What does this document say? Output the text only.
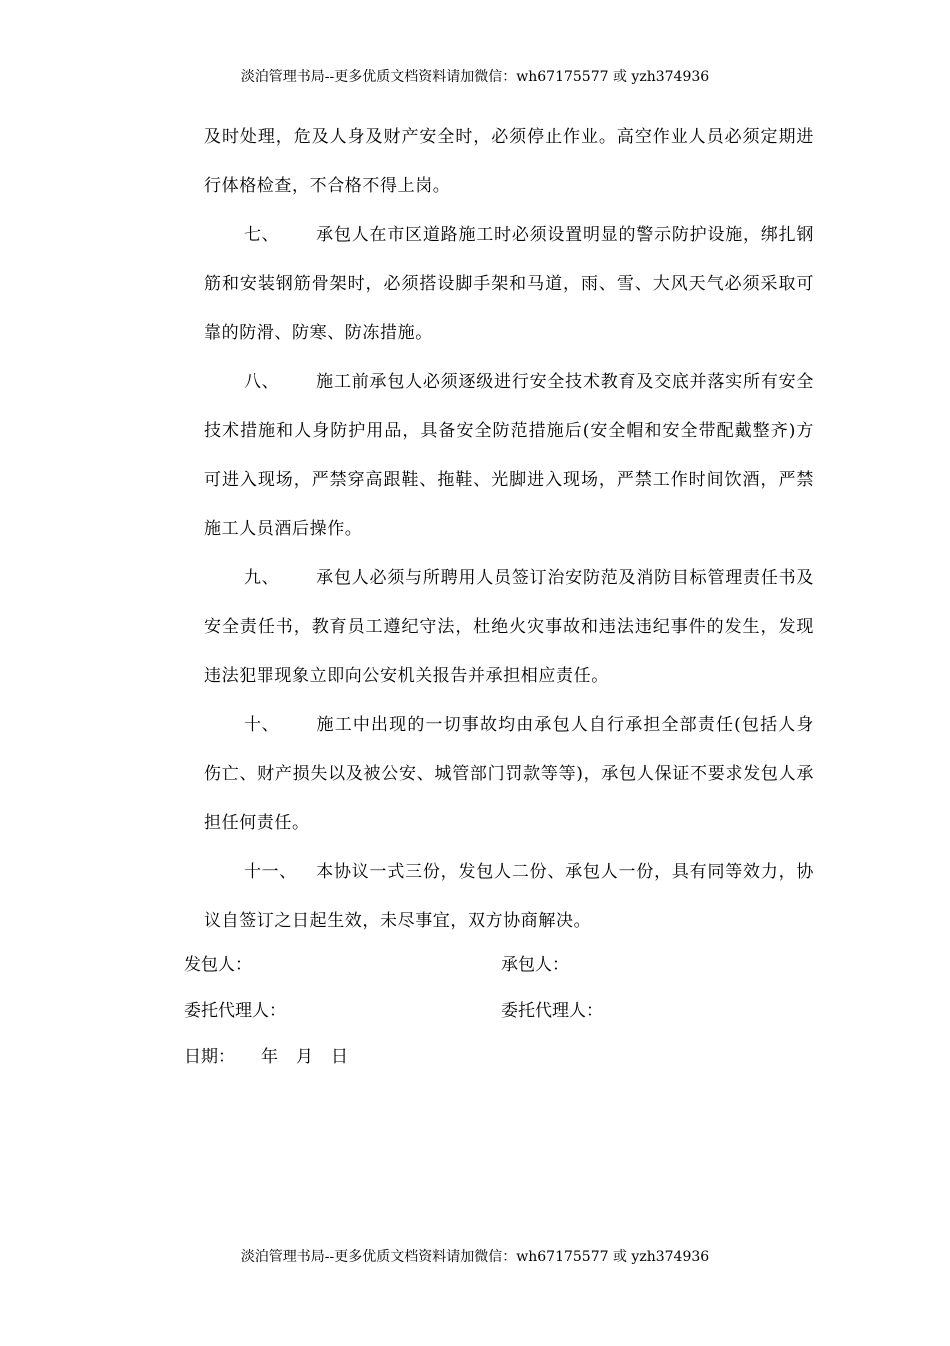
淡泊管理书局--更多优质文档资料请加微信：wh67175577 或 yzh374936

及时处理，危及人身及财产安全时，必须停止作业。高空作业人员必须定期进行体格检查，不合格不得上岗。

七、 承包人在市区道路施工时必须设置明显的警示防护设施，绑扎钢筋和安装钢筋骨架时，必须搭设脚手架和马道，雨、雪、大风天气必须采取可靠的防滑、防寒、防冻措施。

八、 施工前承包人必须逐级进行安全技术教育及交底并落实所有安全技术措施和人身防护用品，具备安全防范措施后(安全帽和安全带配戴整齐)方可进入现场，严禁穿高跟鞋、拖鞋、光脚进入现场，严禁工作时间饮酒，严禁施工人员酒后操作。

九、 承包人必须与所聘用人员签订治安防范及消防目标管理责任书及安全责任书，教育员工遵纪守法，杜绝火灾事故和违法违纪事件的发生，发现违法犯罪现象立即向公安机关报告并承担相应责任。

十、 施工中出现的一切事故均由承包人自行承担全部责任(包括人身伤亡、财产损失以及被公安、城管部门罚款等等)，承包人保证不要求发包人承担任何责任。

十一、 本协议一式三份，发包人二份、承包人一份，具有同等效力，协议自签订之日起生效，未尽事宜，双方协商解决。

发包人：	承包人：
委托代理人：	委托代理人：
日期： 年 月 日
淡泊管理书局--更多优质文档资料请加微信：wh67175577 或 yzh374936
